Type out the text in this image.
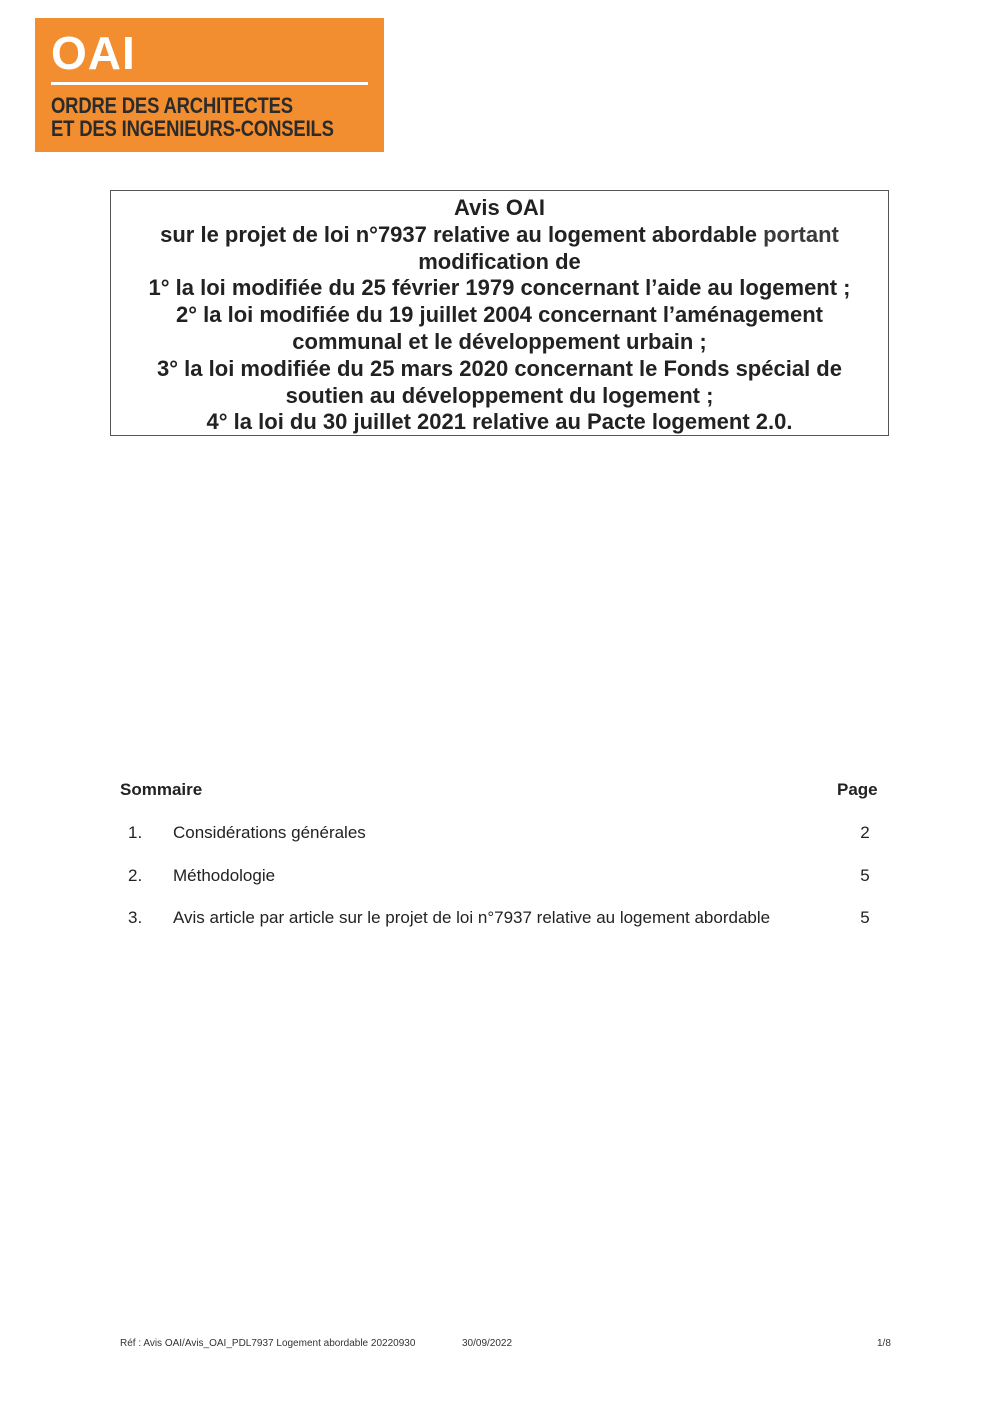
OAI
ORDRE DES ARCHITECTES
ET DES INGENIEURS-CONSEILS
Avis OAI
sur le projet de loi n°7937 relative au logement abordable portant
modification de
1° la loi modifiée du 25 février 1979 concernant l’aide au logement ;
2° la loi modifiée du 19 juillet 2004 concernant l’aménagement
communal et le développement urbain ;
3° la loi modifiée du 25 mars 2020 concernant le Fonds spécial de
soutien au développement du logement ;
4° la loi du 30 juillet 2021 relative au Pacte logement 2.0.
Sommaire	Page
1. Considérations générales	2
2. Méthodologie	5
3. Avis article par article sur le projet de loi n°7937 relative au logement abordable	5
Réf : Avis OAI/Avis_OAI_PDL7937 Logement abordable 20220930	30/09/2022	1/8
